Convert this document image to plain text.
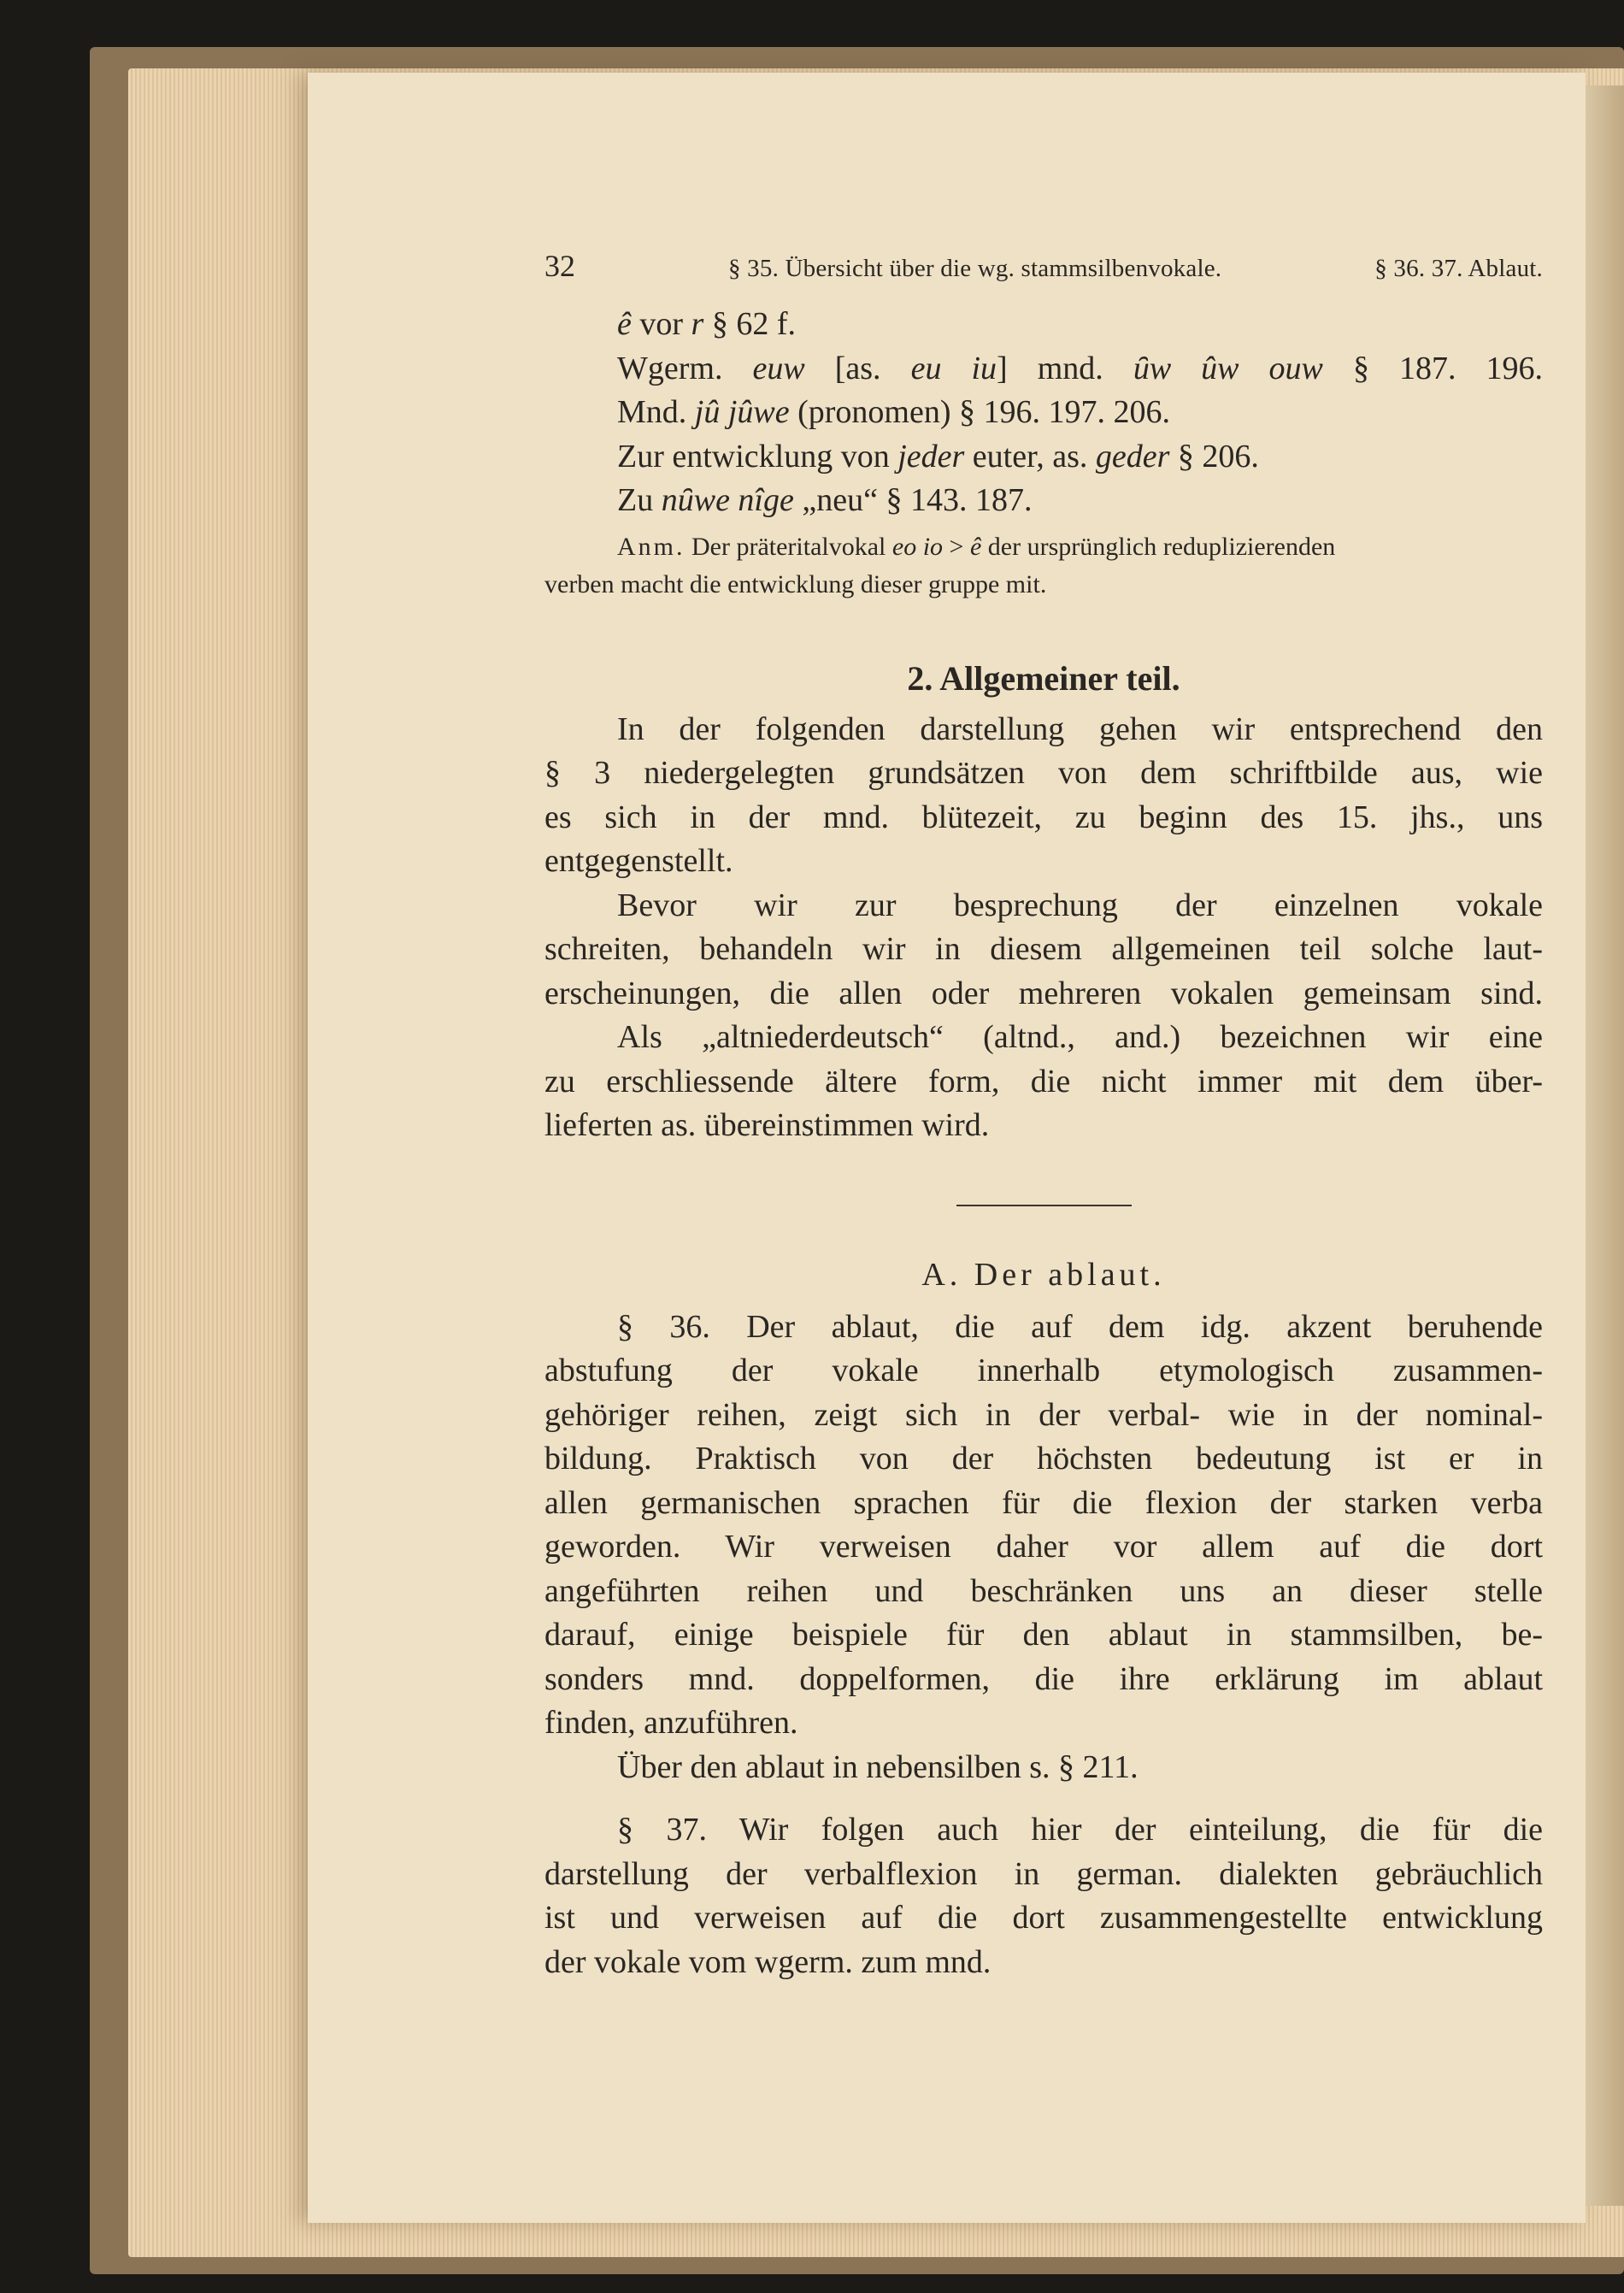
32	§ 35. Übersicht über die wg. stammsilbenvokale.	§ 36. 37. Ablaut.
ê vor r § 62 f.
Wgerm. euw [as. eu iu] mnd. ȗw ûw ouw § 187. 196.
Mnd. jû jûwe (pronomen) § 196. 197. 206.
Zur entwicklung von jeder euter, as. geder § 206.
Zu nȗwe nîge „neu“ § 143. 187.
Anm. Der präteritalvokal eo io > ê der ursprünglich reduplizierenden
verben macht die entwicklung dieser gruppe mit.
2. Allgemeiner teil.
In der folgenden darstellung gehen wir entsprechend den
§ 3 niedergelegten grundsätzen von dem schriftbilde aus, wie
es sich in der mnd. blütezeit, zu beginn des 15. jhs., uns
entgegenstellt.
Bevor wir zur besprechung der einzelnen vokale
schreiten, behandeln wir in diesem allgemeinen teil solche laut-
erscheinungen, die allen oder mehreren vokalen gemeinsam sind.
Als „altniederdeutsch“ (altnd., and.) bezeichnen wir eine
zu erschliessende ältere form, die nicht immer mit dem über-
lieferten as. übereinstimmen wird.
A. Der ablaut.
§ 36. Der ablaut, die auf dem idg. akzent beruhende
abstufung der vokale innerhalb etymologisch zusammen-
gehöriger reihen, zeigt sich in der verbal- wie in der nominal-
bildung. Praktisch von der höchsten bedeutung ist er in
allen germanischen sprachen für die flexion der starken verba
geworden. Wir verweisen daher vor allem auf die dort
angeführten reihen und beschränken uns an dieser stelle
darauf, einige beispiele für den ablaut in stammsilben, be-
sonders mnd. doppelformen, die ihre erklärung im ablaut
finden, anzuführen.
Über den ablaut in nebensilben s. § 211.
§ 37. Wir folgen auch hier der einteilung, die für die
darstellung der verbalflexion in german. dialekten gebräuchlich
ist und verweisen auf die dort zusammengestellte entwicklung
der vokale vom wgerm. zum mnd.
